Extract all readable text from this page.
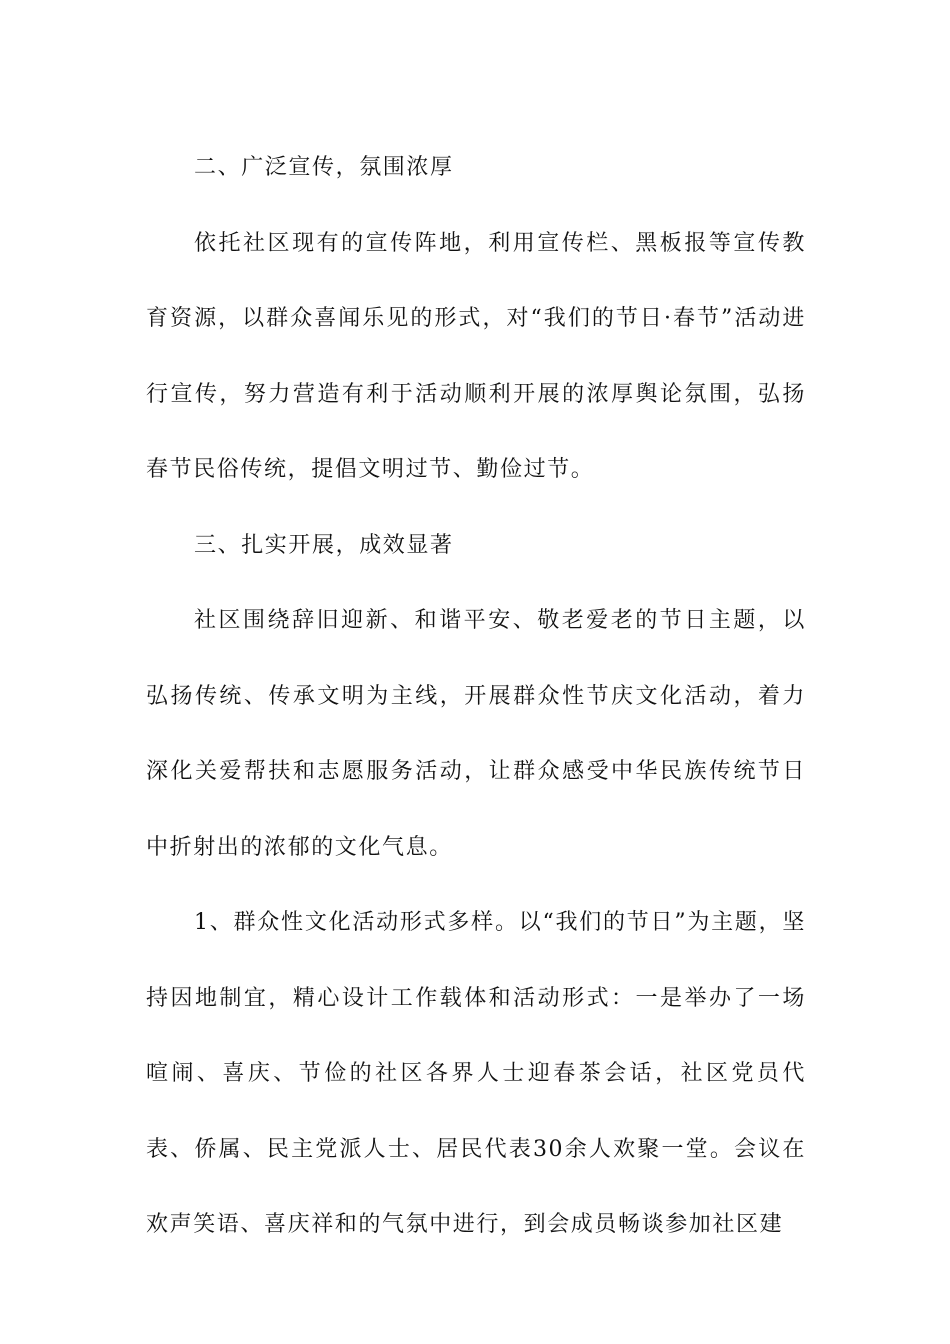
二、广泛宣传，氛围浓厚

依托社区现有的宣传阵地，利用宣传栏、黑板报等宣传教育资源，以群众喜闻乐见的形式，对“我们的节日·春节”活动进行宣传，努力营造有利于活动顺利开展的浓厚舆论氛围，弘扬春节民俗传统，提倡文明过节、勤俭过节。

三、扎实开展，成效显著

社区围绕辞旧迎新、和谐平安、敬老爱老的节日主题，以弘扬传统、传承文明为主线，开展群众性节庆文化活动，着力深化关爱帮扶和志愿服务活动，让群众感受中华民族传统节日中折射出的浓郁的文化气息。

1、群众性文化活动形式多样。以“我们的节日”为主题，坚持因地制宜，精心设计工作载体和活动形式：一是举办了一场喧闹、喜庆、节俭的社区各界人士迎春茶会话，社区党员代表、侨属、民主党派人士、居民代表30余人欢聚一堂。会议在欢声笑语、喜庆祥和的气氛中进行，到会成员畅谈参加社区建
